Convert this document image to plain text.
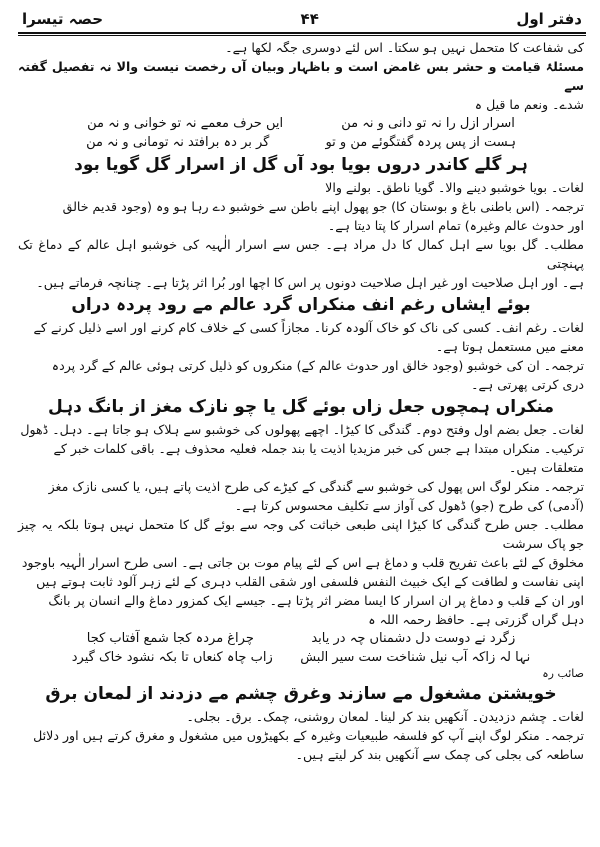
دفتر اول
۴۴
حصہ تیسرا

کی شفاعت کا متحمل نہیں ہو سکتا۔ اس لئے دوسری جگہ لکھا ہے۔

مسئلۂ قیامت و حشر بس غامض است و باظہار وبیان آں رخصت نیست والا نہ تفصیل گفتہ سے

شدے۔ ونعم ما قیل ہ

اسرار ازل را نہ تو دانی و نہ من
ایں حرف معمے نہ تو خوانی و نہ من
ہست از پس پردہ گفتگوئے من و تو
گر بر دہ برافتد نہ تومانی و نہ من

ہر گلے کاندر دروں بویا بود آں گل از اسرار گل گویا بود

لغات۔ بویا خوشبو دینے والا۔ گویا ناطق۔ بولنے والا

ترجمہ۔ (اس باطنی باغ و بوستان کا) جو پھول اپنے باطن سے خوشبو دے رہا ہو وہ (وجود قدیم خالق

اور حدوث عالم وغیرہ) تمام اسرار کا پتا دیتا ہے۔

مطلب۔ گل بویا سے اہل کمال کا دل مراد ہے۔ جس سے اسرار الٰہیہ کی خوشبو اہل عالم کے دماغ تک پہنچتی

ہے۔ اور اہل صلاحیت اور غیر اہل صلاحیت دونوں پر اس کا اچھا اور بُرا اثر پڑتا ہے۔ چنانچہ فرماتے ہیں۔

بوئے ایشاں رغم انف منکراں گرد عالم مے رود پردہ دراں

لغات۔ رغم انف۔ کسی کی ناک کو خاک آلودہ کرنا۔ مجازاً کسی کے خلاف کام کرنے اور اسے ذلیل کرنے کے

معنے میں مستعمل ہوتا ہے۔

ترجمہ۔ ان کی خوشبو (وجود خالق اور حدوث عالم کے) منکروں کو ذلیل کرتی ہوئی عالم کے گرد پردہ

دری کرتی پھرتی ہے۔

منکراں ہمچوں جعل زاں بوئے گل یا چو نازک مغز از بانگ دہل

لغات۔ جعل بضم اول وفتح دوم۔ گندگی کا کیڑا۔ اچھے پھولوں کی خوشبو سے ہلاک ہو جاتا ہے۔ دہل۔ ڈھول

ترکیب۔ منکراں مبتدا ہے جس کی خبر مزیدیا اذیت یا بند جملہ فعلیہ محذوف ہے۔ باقی کلمات خبر کے

متعلقات ہیں۔

ترجمہ۔ منکر لوگ اس پھول کی خوشبو سے گندگی کے کیڑے کی طرح اذیت پاتے ہیں، یا کسی نازک مغز

(آدمی) کی طرح (جو) ڈھول کی آواز سے تکلیف محسوس کرتا ہے۔

مطلب۔ جس طرح گندگی کا کیڑا اپنی طبعی خباثت کی وجہ سے بوئے گل کا متحمل نہیں ہوتا بلکہ یہ چیز جو پاک سرشت

مخلوق کے لئے باعث تفریح قلب و دماغ ہے اس کے لئے پیام موت بن جاتی ہے۔ اسی طرح اسرار الٰہیہ باوجود

اپنی نفاست و لطافت کے ایک خبیث النفس فلسفی اور شقی القلب دہری کے لئے زہر آلود ثابت ہوتے ہیں

اور ان کے قلب و دماغ پر ان اسرار کا ایسا مضر اثر پڑتا ہے۔ جیسے ایک کمزور دماغ والے انسان پر بانگ

دہل گراں گزرتی ہے۔ حافظ رحمہ اللہ ہ

زگرد نے دوست دل دشمناں چہ در یابد
چراغ مردہ کجا شمع آفتاب کجا
نہا لہ زاکہ آب نیل شناخت ست سیر البش
زاب چاہ کنعاں تا بکہ نشود خاک گیرد

صائب رہ

خویشتن مشغول مے سازند وغرق چشم مے دزدند از لمعان برق

لغات۔ چشم دزدیدن۔ آنکھیں بند کر لینا۔ لمعان روشنی، چمک۔ برق۔ بجلی۔

ترجمہ۔ منکر لوگ اپنے آپ کو فلسفہ طبیعیات وغیرہ کے بکھیڑوں میں مشغول و مغرق کرتے ہیں اور دلائل

ساطعہ کی بجلی کی چمک سے آنکھیں بند کر لیتے ہیں۔
